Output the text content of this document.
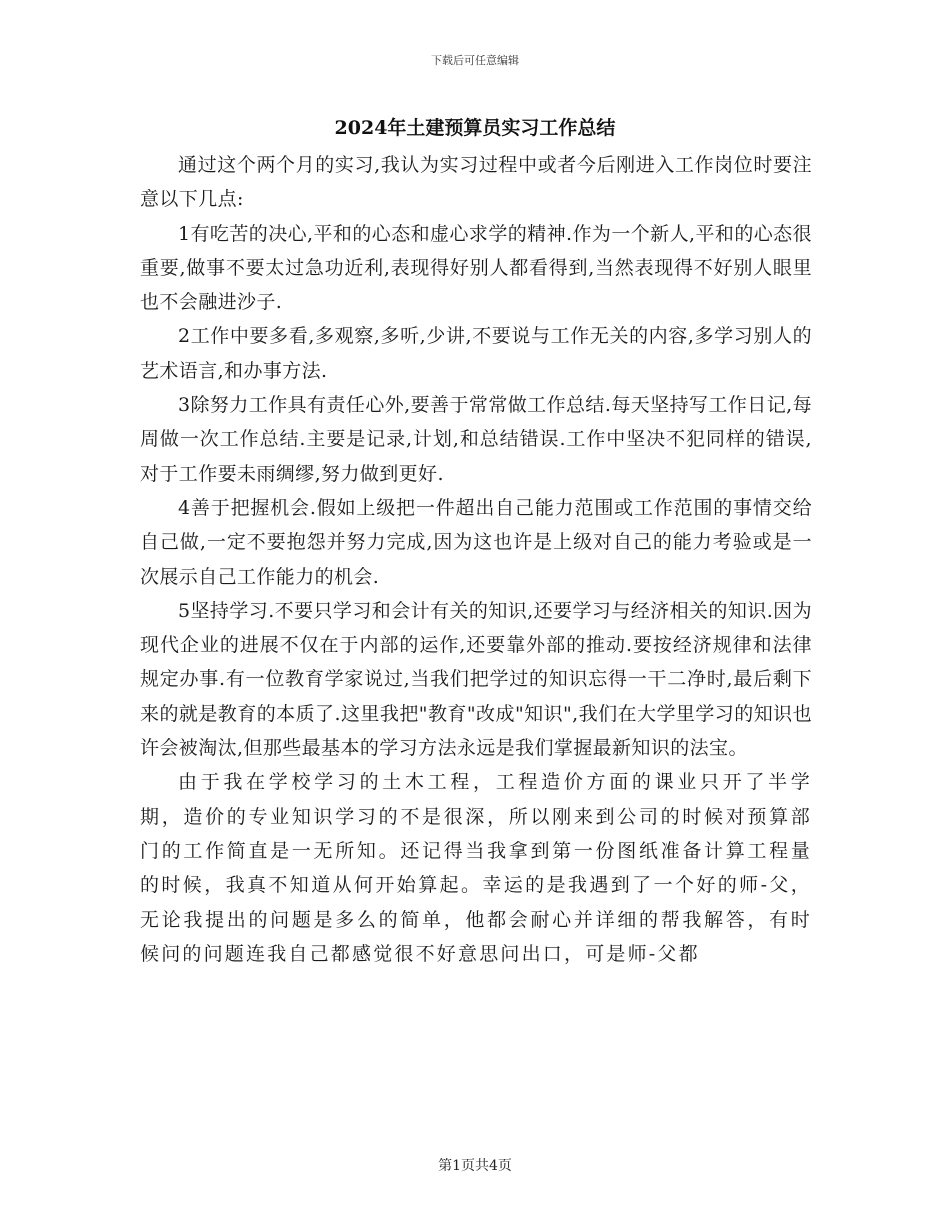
下载后可任意编辑
2024年土建预算员实习工作总结

通过这个两个月的实习,我认为实习过程中或者今后刚进入工作岗位时要注意以下几点:

1有吃苦的决心,平和的心态和虚心求学的精神.作为一个新人,平和的心态很重要,做事不要太过急功近利,表现得好别人都看得到,当然表现得不好别人眼里也不会融进沙子.

2工作中要多看,多观察,多听,少讲,不要说与工作无关的内容,多学习别人的艺术语言,和办事方法.

3除努力工作具有责任心外,要善于常常做工作总结.每天坚持写工作日记,每周做一次工作总结.主要是记录,计划,和总结错误.工作中坚决不犯同样的错误,对于工作要未雨绸缪,努力做到更好.

4善于把握机会.假如上级把一件超出自己能力范围或工作范围的事情交给自己做,一定不要抱怨并努力完成,因为这也许是上级对自己的能力考验或是一次展示自己工作能力的机会.

5坚持学习.不要只学习和会计有关的知识,还要学习与经济相关的知识.因为现代企业的进展不仅在于内部的运作,还要靠外部的推动.要按经济规律和法律规定办事.有一位教育学家说过,当我们把学过的知识忘得一干二净时,最后剩下来的就是教育的本质了.这里我把"教育"改成"知识",我们在大学里学习的知识也许会被淘汰,但那些最基本的学习方法永远是我们掌握最新知识的法宝。

由于我在学校学习的土木工程，工程造价方面的课业只开了半学期，造价的专业知识学习的不是很深，所以刚来到公司的时候对预算部门的工作简直是一无所知。还记得当我拿到第一份图纸准备计算工程量的时候，我真不知道从何开始算起。幸运的是我遇到了一个好的师-父，无论我提出的问题是多么的简单，他都会耐心并详细的帮我解答，有时候问的问题连我自己都感觉很不好意思问出口，可是师-父都

第1页共4页
